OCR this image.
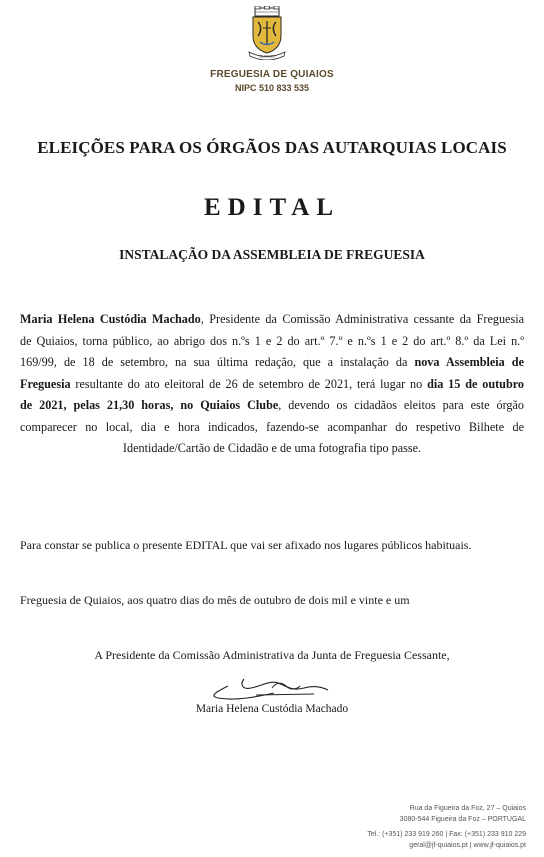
QUIAIOS
FREGUESIA DE QUIAIOS
NIPC 510 833 535
ELEIÇÕES PARA OS ÓRGÃOS DAS AUTARQUIAS LOCAIS
EDITAL
INSTALAÇÃO DA ASSEMBLEIA DE FREGUESIA
Maria Helena Custódia Machado, Presidente da Comissão Administrativa cessante da Freguesia
de Quiaios, torna público, ao abrigo dos n.ºs 1 e 2 do art.º 7.º e n.ºs 1 e 2 do art.º 8.º da Lei n.º
169/99, de 18 de setembro, na sua última redação, que a instalação da nova Assembleia de
Freguesia resultante do ato eleitoral de 26 de setembro de 2021, terá lugar no dia 15 de outubro
de 2021, pelas 21,30 horas, no Quiaios Clube, devendo os cidadãos eleitos para este órgão
comparecer no local, dia e hora indicados, fazendo-se acompanhar do respetivo Bilhete de
Identidade/Cartão de Cidadão e de uma fotografia tipo passe.
Para constar se publica o presente EDITAL que vai ser afixado nos lugares públicos habituais.
Freguesia de Quiaios, aos quatro dias do mês de outubro de dois mil e vinte e um
A Presidente da Comissão Administrativa da Junta de Freguesia Cessante,
Maria Helena Custódia Machado
Rua da Figueira da Foz, 27 – Quiaios
3080-544 Figueira da Foz – PORTUGAL
Tel.: (+351) 233 919 260 | Fax: (+351) 233 910 229
geral@jf-quiaios.pt | www.jf-quiaios.pt
